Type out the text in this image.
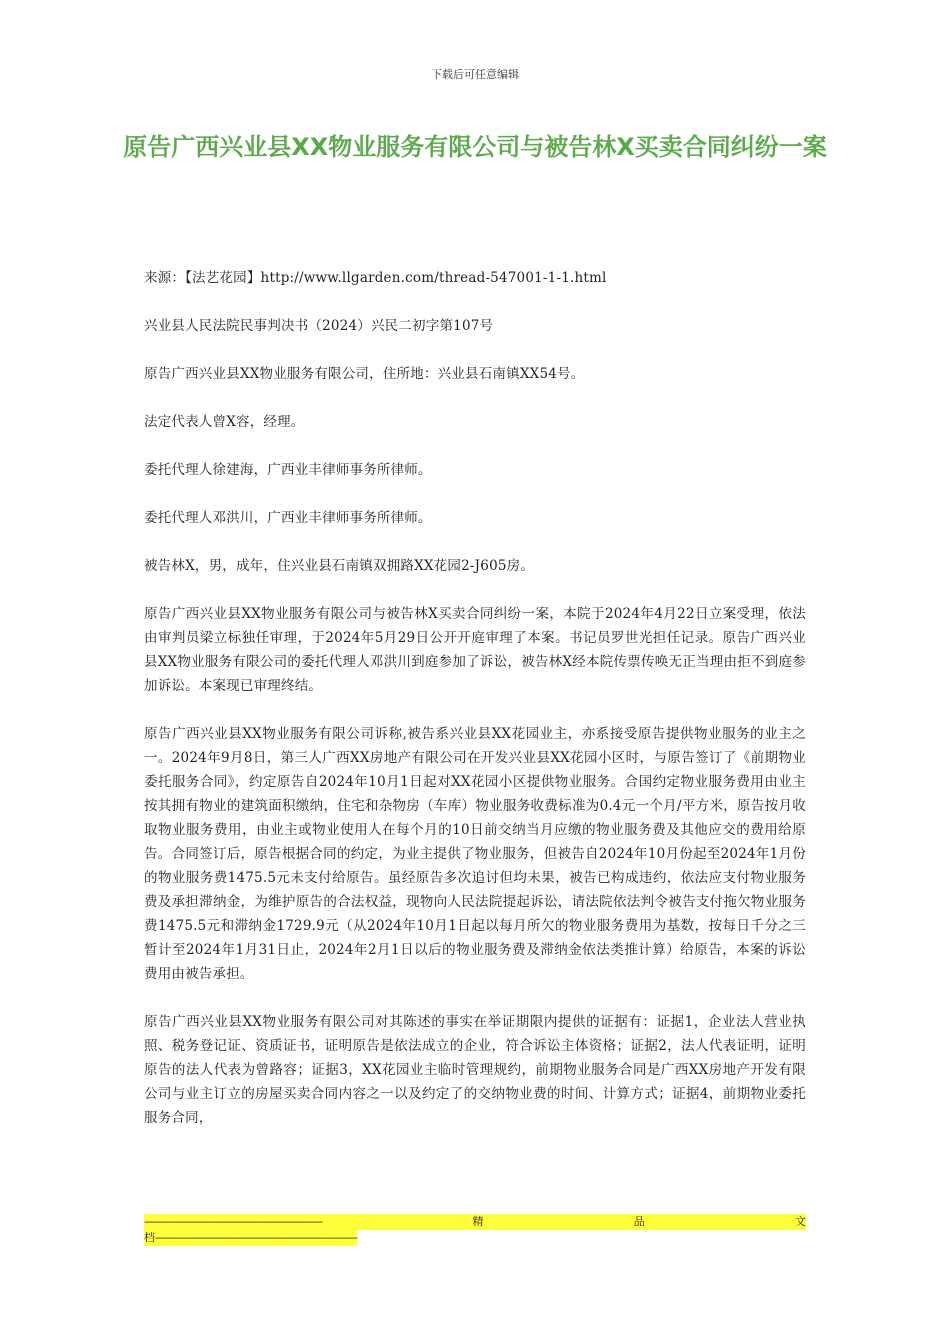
下载后可任意编辑
原告广西兴业县XX物业服务有限公司与被告林X买卖合同纠纷一案

来源：【法艺花园】http://www.llgarden.com/thread-547001-1-1.html

兴业县人民法院民事判决书（2024）兴民二初字第107号

原告广西兴业县XX物业服务有限公司，住所地：兴业县石南镇XX54号。

法定代表人曾X容，经理。

委托代理人徐建海，广西业丰律师事务所律师。

委托代理人邓洪川，广西业丰律师事务所律师。

被告林X，男，成年，住兴业县石南镇双拥路XX花园2-J605房。

原告广西兴业县XX物业服务有限公司与被告林X买卖合同纠纷一案，本院于2024年4月22日立案受理，依法由审判员梁立标独任审理，于2024年5月29日公开开庭审理了本案。书记员罗世光担任记录。原告广西兴业县XX物业服务有限公司的委托代理人邓洪川到庭参加了诉讼，被告林X经本院传票传唤无正当理由拒不到庭参加诉讼。本案现已审理终结。

原告广西兴业县XX物业服务有限公司诉称,被告系兴业县XX花园业主，亦系接受原告提供物业服务的业主之一。2024年9月8日，第三人广西XX房地产有限公司在开发兴业县XX花园小区时，与原告签订了《前期物业委托服务合同》，约定原告自2024年10月1日起对XX花园小区提供物业服务。合国约定物业服务费用由业主按其拥有物业的建筑面积缴纳，住宅和杂物房（车库）物业服务收费标准为0.4元一个月/平方米，原告按月收取物业服务费用，由业主或物业使用人在每个月的10日前交纳当月应缴的物业服务费及其他应交的费用给原告。合同签订后，原告根据合同的约定，为业主提供了物业服务，但被告自2024年10月份起至2024年1月份的物业服务费1475.5元未支付给原告。虽经原告多次追讨但均未果，被告已构成违约，依法应支付物业服务费及承担滞纳金，为维护原告的合法权益，现物向人民法院提起诉讼，请法院依法判令被告支付拖欠物业服务费1475.5元和滞纳金1729.9元（从2024年10月1日起以每月所欠的物业服务费用为基数，按每日千分之三暂计至2024年1月31日止，2024年2月1日以后的物业服务费及滞纳金依法类推计算）给原告，本案的诉讼费用由被告承担。

原告广西兴业县XX物业服务有限公司对其陈述的事实在举证期限内提供的证据有：证据1，企业法人营业执照、税务登记证、资质证书，证明原告是依法成立的企业，符合诉讼主体资格；证据2，法人代表证明，证明原告的法人代表为曾路容；证据3，XX花园业主临时管理规约，前期物业服务合同是广西XX房地产开发有限公司与业主订立的房屋买卖合同内容之一以及约定了的交纳物业费的时间、计算方式；证据4，前期物业委托服务合同，

------------------------------------------------------------	精	品	文
档--------------------------------------------------------------------
